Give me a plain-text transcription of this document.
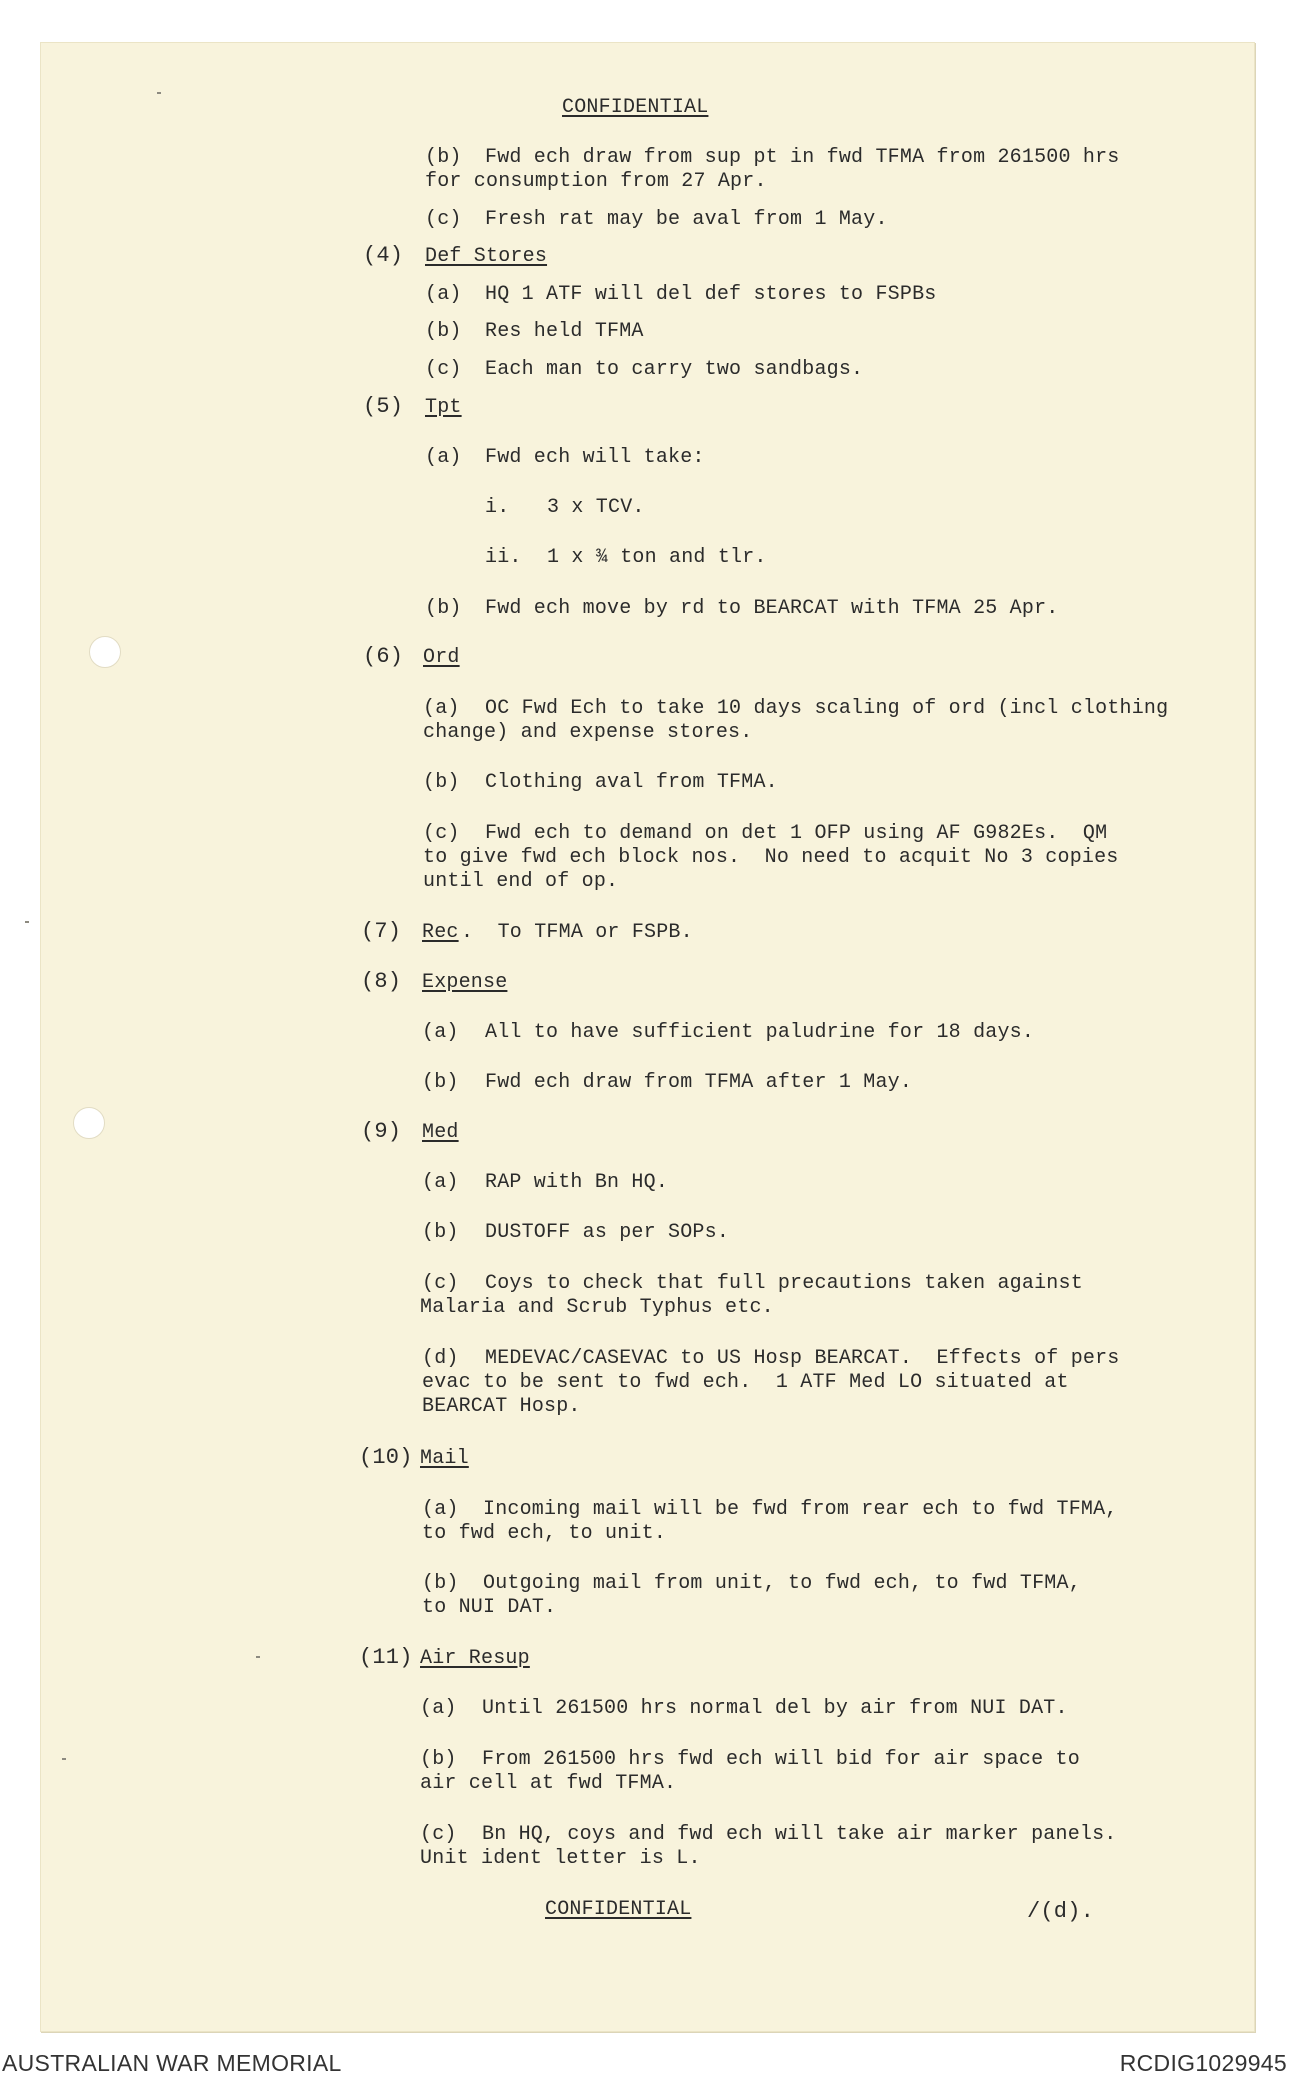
CONFIDENTIAL
(b) Fwd ech draw from sup pt in fwd TFMA from 261500 hrs
for consumption from 27 Apr.
(c) Fresh rat may be aval from 1 May.
(4) Def Stores
(a) HQ 1 ATF will del def stores to FSPBs
(b) Res held TFMA
(c) Each man to carry two sandbags.
(5) Tpt
(a) Fwd ech will take:
i. 3 x TCV.
ii. 1 x ¾ ton and tlr.
(b) Fwd ech move by rd to BEARCAT with TFMA 25 Apr.
(6) Ord
(a) OC Fwd Ech to take 10 days scaling of ord (incl clothing
change) and expense stores.
(b) Clothing aval from TFMA.
(c) Fwd ech to demand on det 1 OFP using AF G982Es.  QM
to give fwd ech block nos.  No need to acquit No 3 copies
until end of op.
(7) Rec .  To TFMA or FSPB.
(8) Expense
(a) All to have sufficient paludrine for 18 days.
(b) Fwd ech draw from TFMA after 1 May.
(9) Med
(a) RAP with Bn HQ.
(b) DUSTOFF as per SOPs.
(c) Coys to check that full precautions taken against
Malaria and Scrub Typhus etc.
(d) MEDEVAC/CASEVAC to US Hosp BEARCAT.  Effects of pers
evac to be sent to fwd ech.  1 ATF Med LO situated at
BEARCAT Hosp.
(10) Mail
(a) Incoming mail will be fwd from rear ech to fwd TFMA,
to fwd ech, to unit.
(b) Outgoing mail from unit, to fwd ech, to fwd TFMA,
to NUI DAT.
(11) Air Resup
(a) Until 261500 hrs normal del by air from NUI DAT.
(b) From 261500 hrs fwd ech will bid for air space to
air cell at fwd TFMA.
(c) Bn HQ, coys and fwd ech will take air marker panels.
Unit ident letter is L.
CONFIDENTIAL	/(d).
AUSTRALIAN WAR MEMORIAL	RCDIG1029945
